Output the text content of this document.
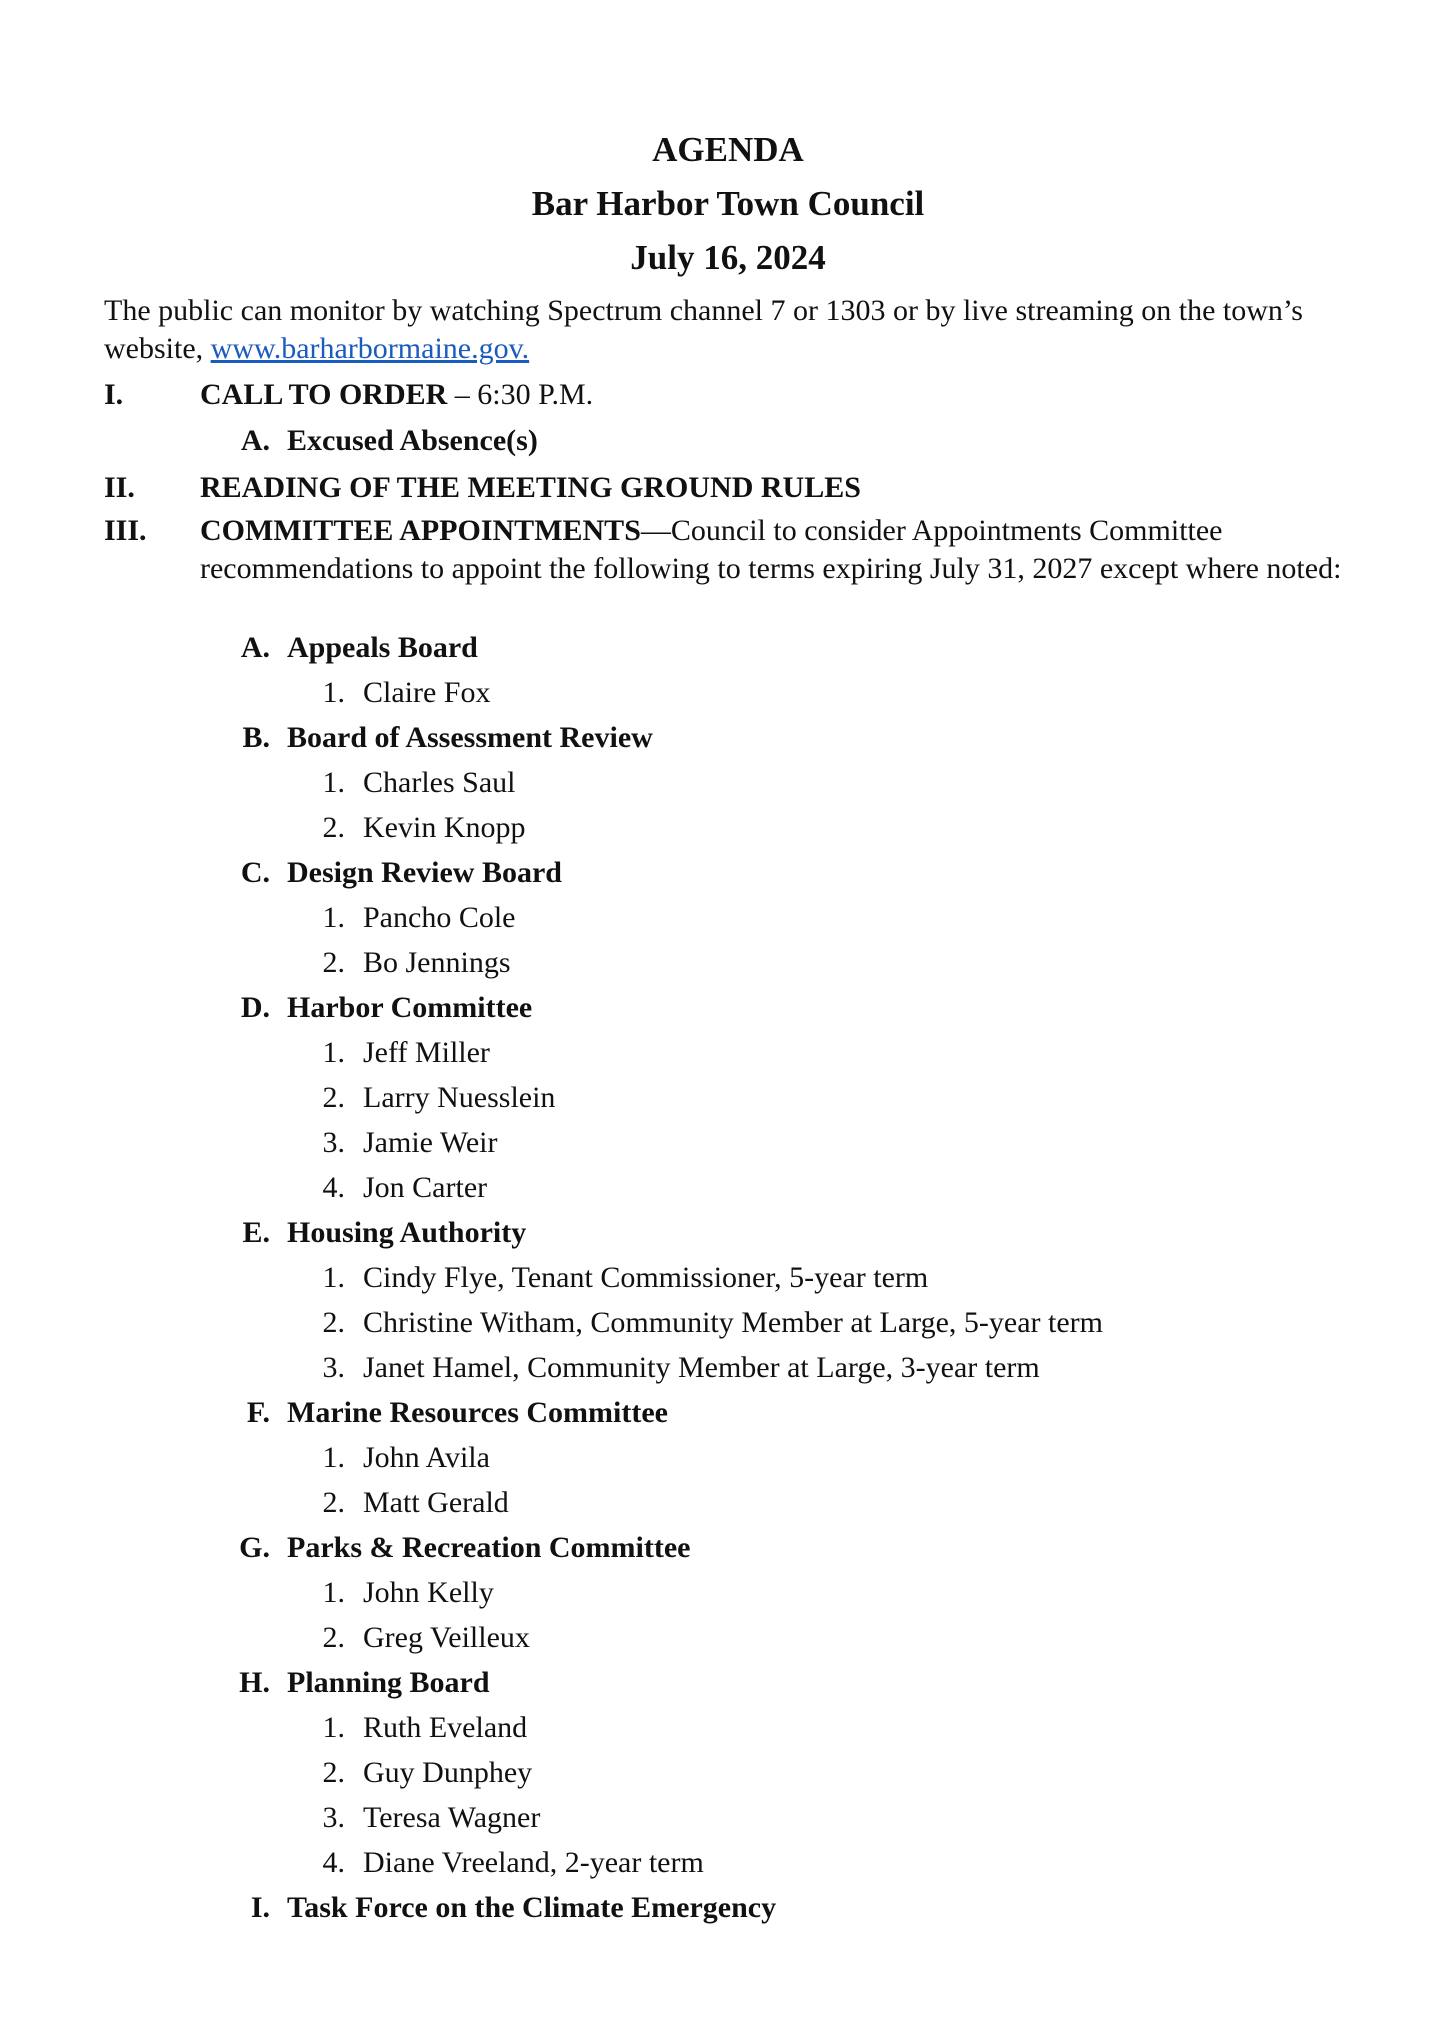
AGENDA
Bar Harbor Town Council
July 16, 2024
The public can monitor by watching Spectrum channel 7 or 1303 or by live streaming on the town’s website, www.barharbormaine.gov.
I.	CALL TO ORDER – 6:30 P.M.
A. Excused Absence(s)
II. READING OF THE MEETING GROUND RULES
III. COMMITTEE APPOINTMENTS—Council to consider Appointments Committee recommendations to appoint the following to terms expiring July 31, 2027 except where noted:
A. Appeals Board
1. Claire Fox
B. Board of Assessment Review
1. Charles Saul
2. Kevin Knopp
C. Design Review Board
1. Pancho Cole
2. Bo Jennings
D. Harbor Committee
1. Jeff Miller
2. Larry Nuesslein
3. Jamie Weir
4. Jon Carter
E. Housing Authority
1. Cindy Flye, Tenant Commissioner, 5-year term
2. Christine Witham, Community Member at Large, 5-year term
3. Janet Hamel, Community Member at Large, 3-year term
F. Marine Resources Committee
1. John Avila
2. Matt Gerald
G. Parks & Recreation Committee
1. John Kelly
2. Greg Veilleux
H. Planning Board
1. Ruth Eveland
2. Guy Dunphey
3. Teresa Wagner
4. Diane Vreeland, 2-year term
I. Task Force on the Climate Emergency
